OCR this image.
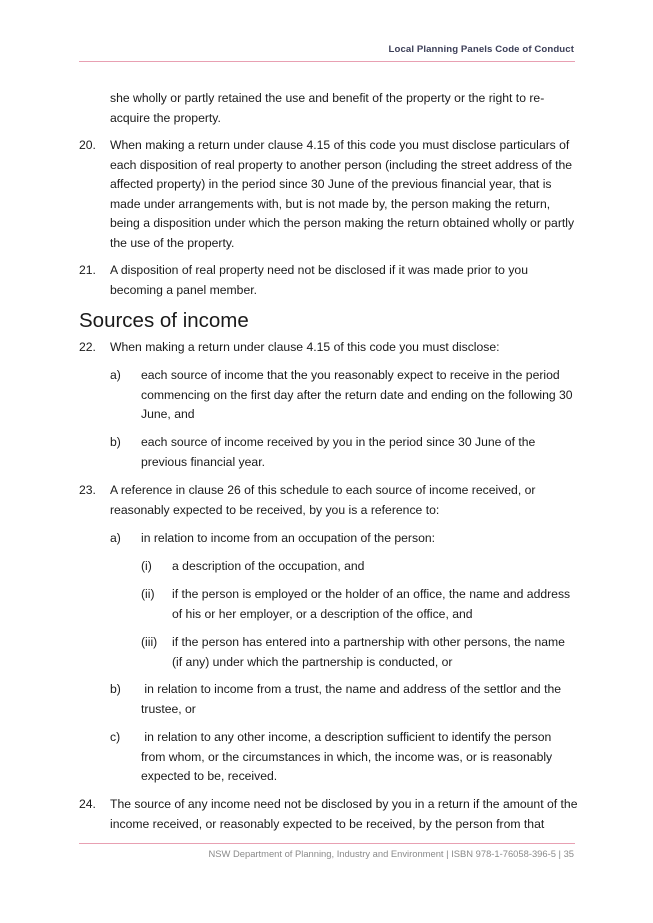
Local Planning Panels Code of Conduct
she wholly or partly retained the use and benefit of the property or the right to re-acquire the property.
20. When making a return under clause 4.15 of this code you must disclose particulars of each disposition of real property to another person (including the street address of the affected property) in the period since 30 June of the previous financial year, that is made under arrangements with, but is not made by, the person making the return, being a disposition under which the person making the return obtained wholly or partly the use of the property.
21. A disposition of real property need not be disclosed if it was made prior to you becoming a panel member.
Sources of income
22. When making a return under clause 4.15 of this code you must disclose:
a) each source of income that the you reasonably expect to receive in the period commencing on the first day after the return date and ending on the following 30 June, and
b) each source of income received by you in the period since 30 June of the previous financial year.
23. A reference in clause 26 of this schedule to each source of income received, or reasonably expected to be received, by you is a reference to:
a) in relation to income from an occupation of the person:
(i) a description of the occupation, and
(ii) if the person is employed or the holder of an office, the name and address of his or her employer, or a description of the office, and
(iii) if the person has entered into a partnership with other persons, the name (if any) under which the partnership is conducted, or
b) in relation to income from a trust, the name and address of the settlor and the trustee, or
c) in relation to any other income, a description sufficient to identify the person from whom, or the circumstances in which, the income was, or is reasonably expected to be, received.
24. The source of any income need not be disclosed by you in a return if the amount of the income received, or reasonably expected to be received, by the person from that
NSW Department of Planning, Industry and Environment | ISBN 978-1-76058-396-5 | 35
